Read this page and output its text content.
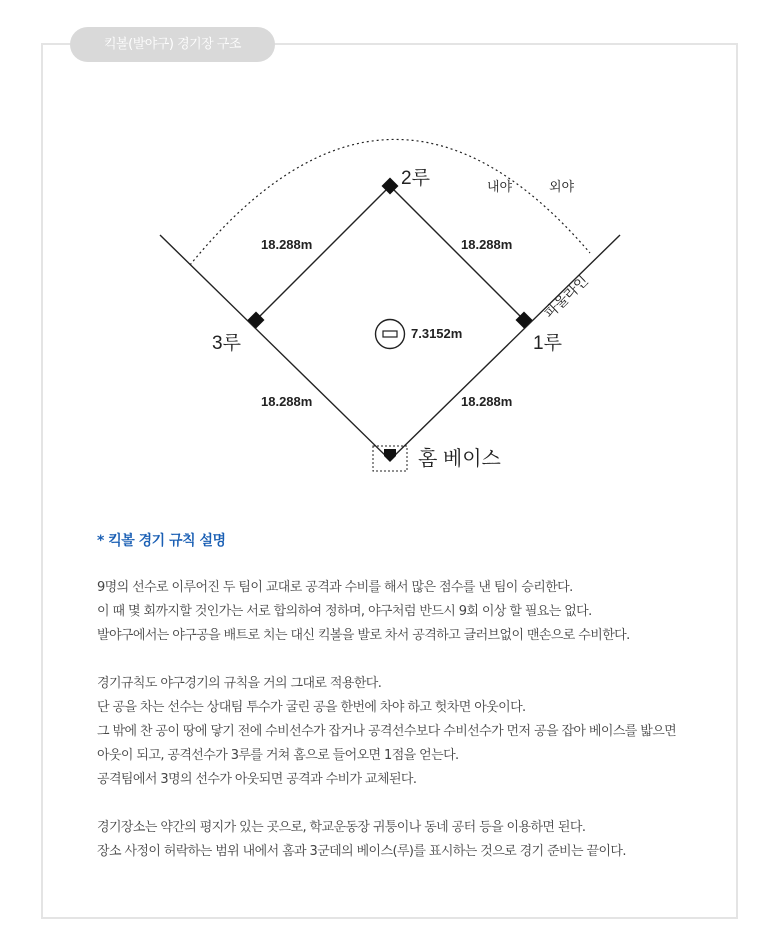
킥볼(발야구) 경기장 구조
2루
1루
3루
홈 베이스
내야	외야
파울라인
18.288m	18.288m
18.288m	18.288m
7.3152m
* 킥볼 경기 규칙 설명
9명의 선수로 이루어진 두 팀이 교대로 공격과 수비를 해서 많은 점수를 낸 팀이 승리한다.
이 때 몇 회까지할 것인가는 서로 합의하여 정하며, 야구처럼 반드시 9회 이상 할 필요는 없다.
발야구에서는 야구공을 배트로 치는 대신 킥볼을 발로 차서 공격하고 글러브없이 맨손으로 수비한다.
경기규칙도 야구경기의 규칙을 거의 그대로 적용한다.
단 공을 차는 선수는 상대팀 투수가 굴린 공을 한번에 차야 하고 헛차면 아웃이다.
그 밖에 찬 공이 땅에 닿기 전에 수비선수가 잡거나 공격선수보다 수비선수가 먼저 공을 잡아 베이스를 밟으면
아웃이 되고, 공격선수가 3루를 거쳐 홈으로 들어오면 1점을 얻는다.
공격팀에서 3명의 선수가 아웃되면 공격과 수비가 교체된다.
경기장소는 약간의 평지가 있는 곳으로, 학교운동장 귀퉁이나 동네 공터 등을 이용하면 된다.
장소 사정이 허락하는 범위 내에서 홈과 3군데의 베이스(루)를 표시하는 것으로 경기 준비는 끝이다.
